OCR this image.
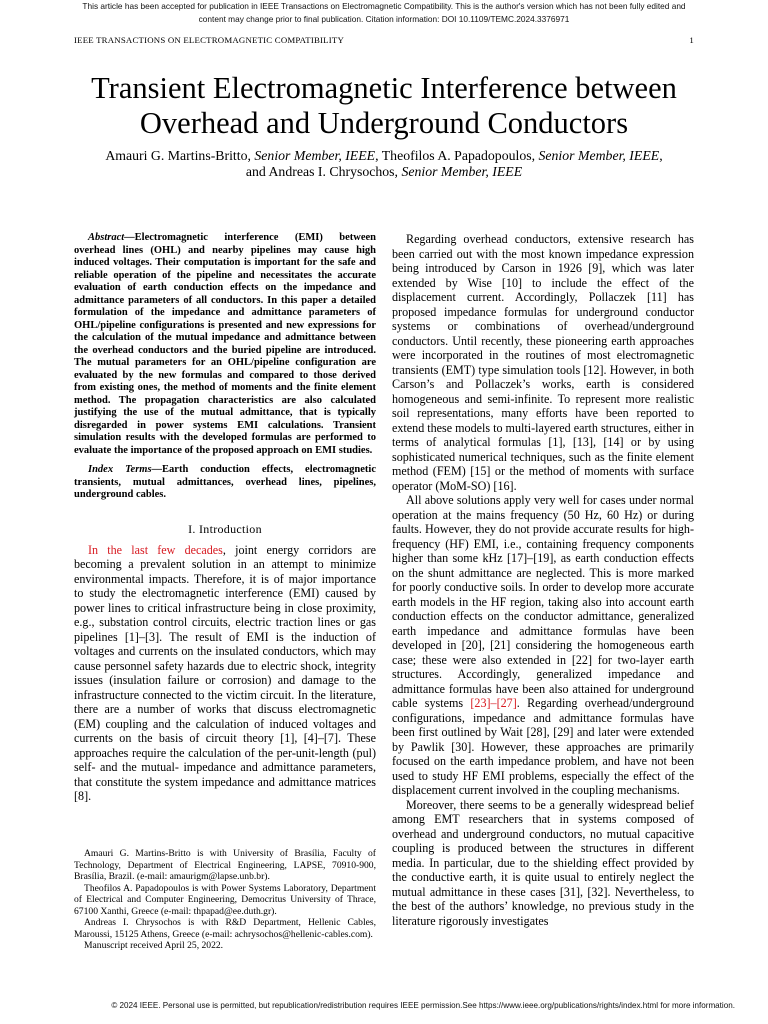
This article has been accepted for publication in IEEE Transactions on Electromagnetic Compatibility. This is the author's version which has not been fully edited and
content may change prior to final publication. Citation information: DOI 10.1109/TEMC.2024.3376971
IEEE TRANSACTIONS ON ELECTROMAGNETIC COMPATIBILITY	1
Transient Electromagnetic Interference between
Overhead and Underground Conductors
Amauri G. Martins-Britto, Senior Member, IEEE, Theofilos A. Papadopoulos, Senior Member, IEEE,
and Andreas I. Chrysochos, Senior Member, IEEE

Abstract—Electromagnetic interference (EMI) between overhead lines (OHL) and nearby pipelines may cause high induced voltages. Their computation is important for the safe and reliable operation of the pipeline and necessitates the accurate evaluation of earth conduction effects on the impedance and admittance parameters of all conductors. In this paper a detailed formulation of the impedance and admittance parameters of OHL/pipeline configurations is presented and new expressions for the calculation of the mutual impedance and admittance between the overhead conductors and the buried pipeline are introduced. The mutual parameters for an OHL/pipeline configuration are evaluated by the new formulas and compared to those derived from existing ones, the method of moments and the finite element method. The propagation characteristics are also calculated justifying the use of the mutual admittance, that is typically disregarded in power systems EMI calculations. Transient simulation results with the developed formulas are performed to evaluate the importance of the proposed approach on EMI studies.

Index Terms—Earth conduction effects, electromagnetic transients, mutual admittances, overhead lines, pipelines, underground cables.

I. Introduction

In the last few decades, joint energy corridors are becoming a prevalent solution in an attempt to minimize environmental impacts. Therefore, it is of major importance to study the electromagnetic interference (EMI) caused by power lines to critical infrastructure being in close proximity, e.g., substation control circuits, electric traction lines or gas pipelines [1]–[3]. The result of EMI is the induction of voltages and currents on the insulated conductors, which may cause personnel safety hazards due to electric shock, integrity issues (insulation failure or corrosion) and damage to the infrastructure connected to the victim circuit. In the literature, there are a number of works that discuss electromagnetic (EM) coupling and the calculation of induced voltages and currents on the basis of circuit theory [1], [4]–[7]. These approaches require the calculation of the per-unit-length (pul) self- and the mutual- impedance and admittance parameters, that constitute the system impedance and admittance matrices [8].

Amauri G. Martins-Britto is with University of Brasília, Faculty of Technology, Department of Electrical Engineering, LAPSE, 70910-900, Brasília, Brazil. (e-mail: amaurigm@lapse.unb.br).

Theofilos A. Papadopoulos is with Power Systems Laboratory, Department of Electrical and Computer Engineering, Democritus University of Thrace, 67100 Xanthi, Greece (e-mail: thpapad@ee.duth.gr).

Andreas I. Chrysochos is with R&D Department, Hellenic Cables, Maroussi, 15125 Athens, Greece (e-mail: achrysochos@hellenic-cables.com).

Manuscript received April 25, 2022.

Regarding overhead conductors, extensive research has been carried out with the most known impedance expression being introduced by Carson in 1926 [9], which was later extended by Wise [10] to include the effect of the displacement current. Accordingly, Pollaczek [11] has proposed impedance formulas for underground conductor systems or combinations of overhead/underground conductors. Until recently, these pioneering earth approaches were incorporated in the routines of most electromagnetic transients (EMT) type simulation tools [12]. However, in both Carson’s and Pollaczek’s works, earth is considered homogeneous and semi-infinite. To represent more realistic soil representations, many efforts have been reported to extend these models to multi-layered earth structures, either in terms of analytical formulas [1], [13], [14] or by using sophisticated numerical techniques, such as the finite element method (FEM) [15] or the method of moments with surface operator (MoM-SO) [16].

All above solutions apply very well for cases under normal operation at the mains frequency (50 Hz, 60 Hz) or during faults. However, they do not provide accurate results for high-frequency (HF) EMI, i.e., containing frequency components higher than some kHz [17]–[19], as earth conduction effects on the shunt admittance are neglected. This is more marked for poorly conductive soils. In order to develop more accurate earth models in the HF region, taking also into account earth conduction effects on the conductor admittance, generalized earth impedance and admittance formulas have been developed in [20], [21] considering the homogeneous earth case; these were also extended in [22] for two-layer earth structures. Accordingly, generalized impedance and admittance formulas have been also attained for underground cable systems [23]–[27]. Regarding overhead/underground configurations, impedance and admittance formulas have been first outlined by Wait [28], [29] and later were extended by Pawlik [30]. However, these approaches are primarily focused on the earth impedance problem, and have not been used to study HF EMI problems, especially the effect of the displacement current involved in the coupling mechanisms.

Moreover, there seems to be a generally widespread belief among EMT researchers that in systems composed of overhead and underground conductors, no mutual capacitive coupling is produced between the structures in different media. In particular, due to the shielding effect provided by the conductive earth, it is quite usual to entirely neglect the mutual admittance in these cases [31], [32]. Nevertheless, to the best of the authors’ knowledge, no previous study in the literature rigorously investigates

© 2024 IEEE. Personal use is permitted, but republication/redistribution requires IEEE permission.See https://www.ieee.org/publications/rights/index.html for more information.
